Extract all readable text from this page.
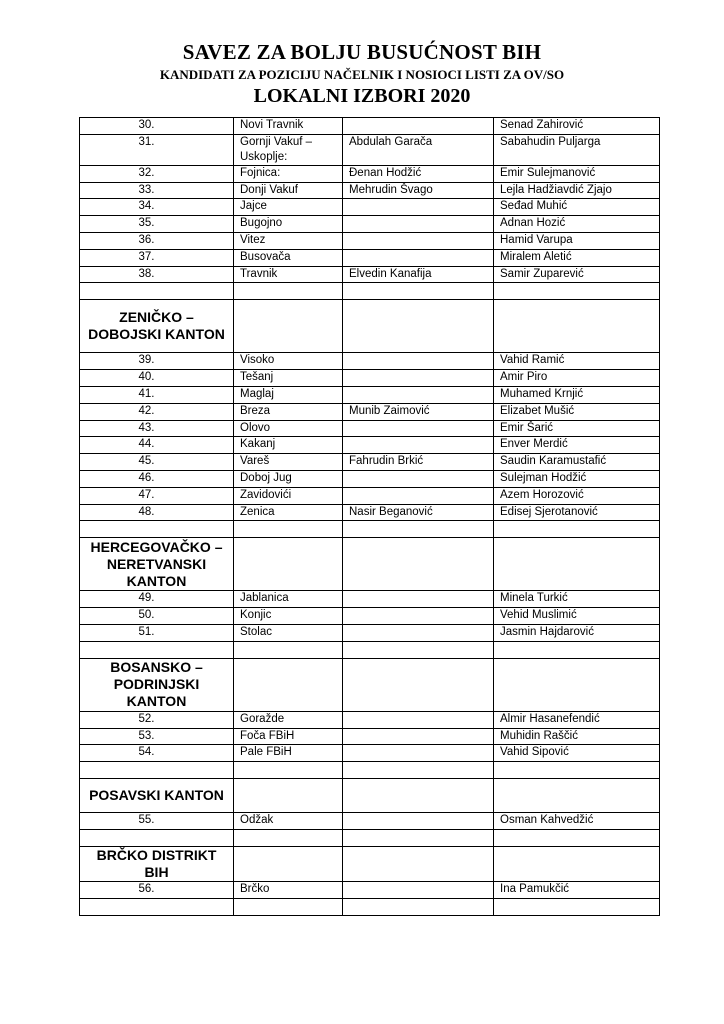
SAVEZ ZA BOLJU BUSUĆNOST BIH
KANDIDATI ZA POZICIJU NAČELNIK I NOSIOCI LISTI ZA OV/SO
LOKALNI IZBORI 2020
30.	Novi Travnik		Senad Zahirović
31.	Gornji Vakuf – Uskoplje:	Abdulah Garača	Sabahudin Puljarga
32.	Fojnica:	Đenan Hodžić	Emir Sulejmanović
33.	Donji Vakuf	Mehrudin Švago	Lejla Hadžiavdić Zjajo
34.	Jajce		Seđad Muhić
35.	Bugojno		Adnan Hozić
36.	Vitez		Hamid Varupa
37.	Busovača		Miralem Aletić
38.	Travnik	Elvedin Kanafija	Samir Zuparević

ZENIČKO – DOBOJSKI KANTON			
39.	Visoko		Vahid Ramić
40.	Tešanj		Amir Piro
41.	Maglaj		Muhamed Krnjić
42.	Breza	Munib Zaimović	Elizabet Mušić
43.	Olovo		Emir Šarić
44.	Kakanj		Enver Merdić
45.	Vareš	Fahrudin Brkić	Saudin Karamustafić
46.	Doboj Jug		Sulejman Hodžić
47.	Zavidovići		Azem Horozović
48.	Zenica	Nasir Beganović	Edisej Sjerotanović

HERCEGOVAČKO – NERETVANSKI KANTON			
49.	Jablanica		Minela Turkić
50.	Konjic		Vehid Muslimić
51.	Stolac		Jasmin Hajdarović

BOSANSKO – PODRINJSKI KANTON			
52.	Goražde		Almir Hasanefendić
53.	Foča FBiH		Muhidin Raščić
54.	Pale FBiH		Vahid Sipović

POSAVSKI KANTON			
55.	Odžak		Osman Kahvedžić

BRČKO DISTRIKT BIH			
56.	Brčko		Ina Pamukčić
